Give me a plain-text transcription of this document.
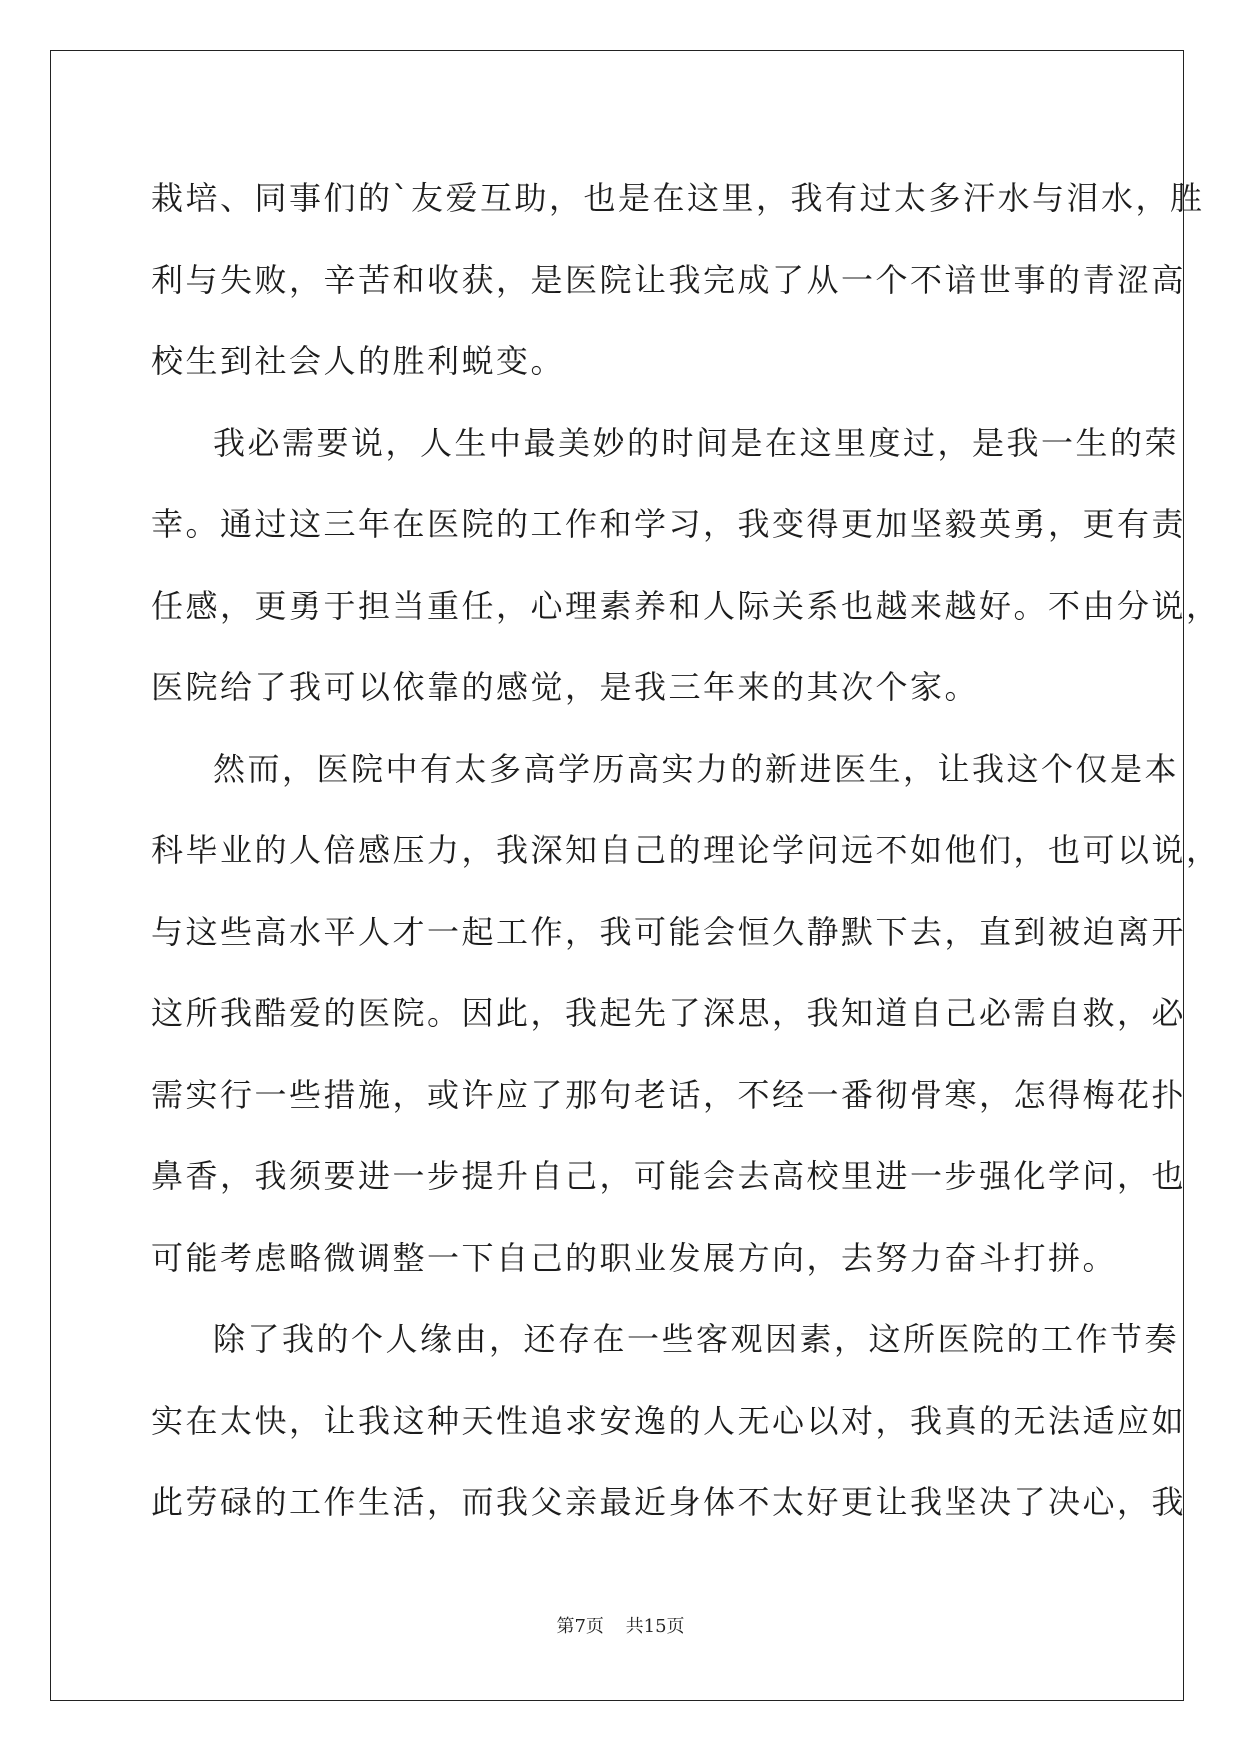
栽培、同事们的`友爱互助，也是在这里，我有过太多汗水与泪水，胜
利与失败，辛苦和收获，是医院让我完成了从一个不谙世事的青涩高
校生到社会人的胜利蜕变。
我必需要说，人生中最美妙的时间是在这里度过，是我一生的荣
幸。通过这三年在医院的工作和学习，我变得更加坚毅英勇，更有责
任感，更勇于担当重任，心理素养和人际关系也越来越好。不由分说，
医院给了我可以依靠的感觉，是我三年来的其次个家。
然而，医院中有太多高学历高实力的新进医生，让我这个仅是本
科毕业的人倍感压力，我深知自己的理论学问远不如他们，也可以说，
与这些高水平人才一起工作，我可能会恒久静默下去，直到被迫离开
这所我酷爱的医院。因此，我起先了深思，我知道自己必需自救，必
需实行一些措施，或许应了那句老话，不经一番彻骨寒，怎得梅花扑
鼻香，我须要进一步提升自己，可能会去高校里进一步强化学问，也
可能考虑略微调整一下自己的职业发展方向，去努力奋斗打拼。
除了我的个人缘由，还存在一些客观因素，这所医院的工作节奏
实在太快，让我这种天性追求安逸的人无心以对，我真的无法适应如
此劳碌的工作生活，而我父亲最近身体不太好更让我坚决了决心，我
第7页 共15页
